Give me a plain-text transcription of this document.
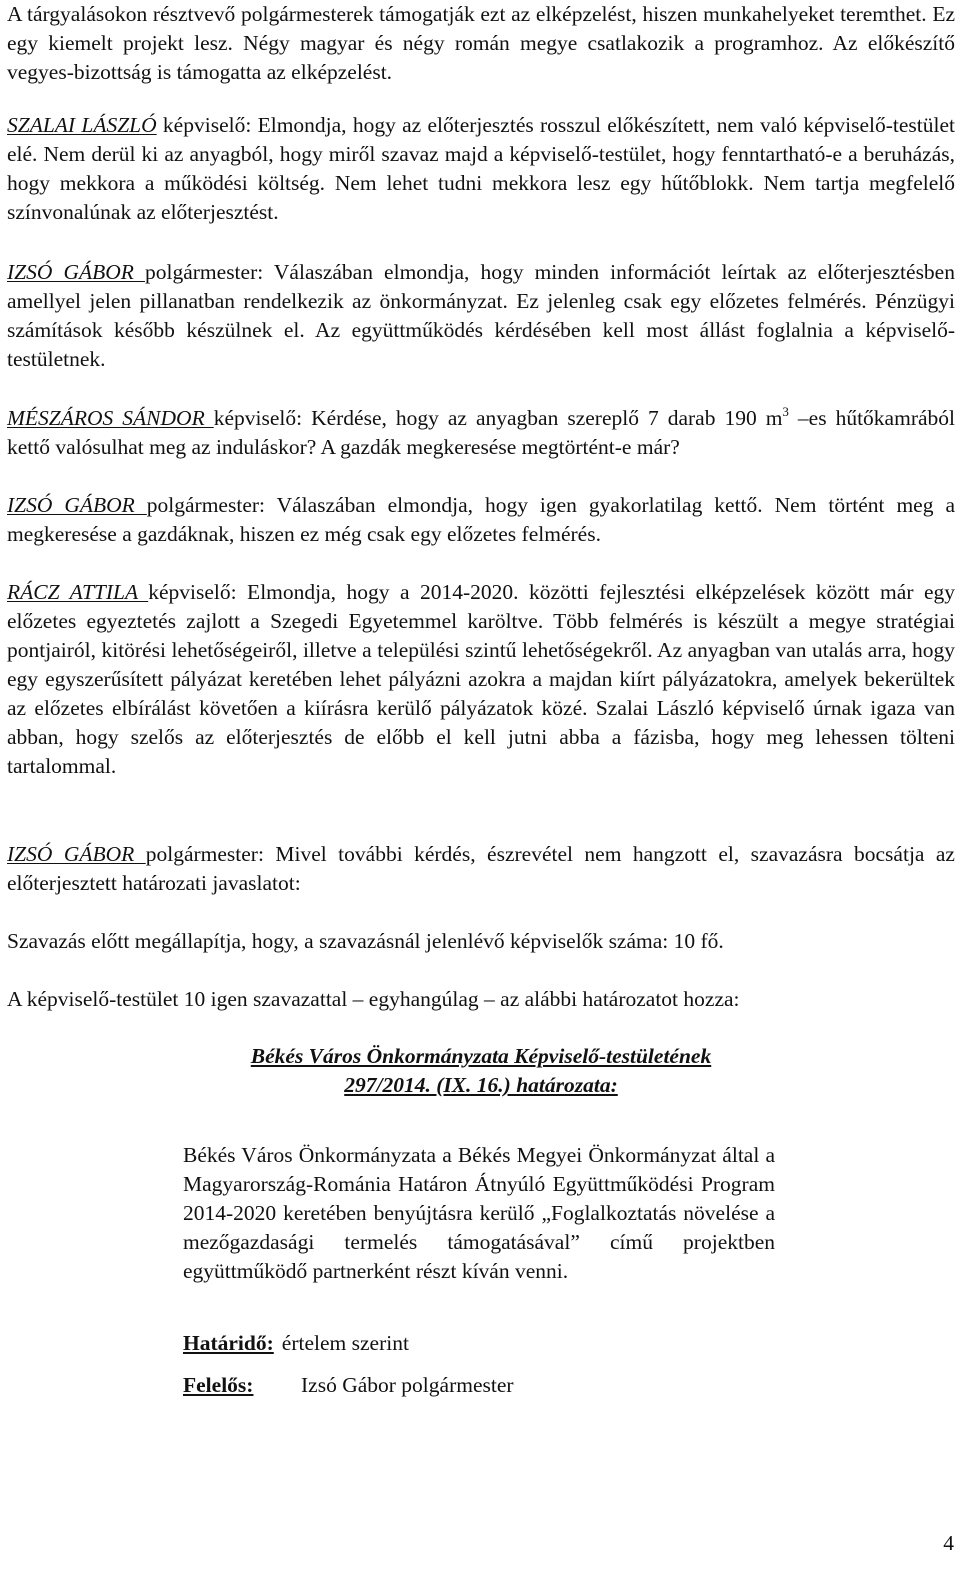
A tárgyalásokon résztvevő polgármesterek támogatják ezt az elképzelést, hiszen munkahelyeket teremthet. Ez egy kiemelt projekt lesz. Négy magyar és négy román megye csatlakozik a programhoz. Az előkészítő vegyes-bizottság is támogatta az elképzelést.

SZALAI LÁSZLÓ képviselő: Elmondja, hogy az előterjesztés rosszul előkészített, nem való képviselő-testület elé. Nem derül ki az anyagból, hogy miről szavaz majd a képviselő-testület, hogy fenntartható-e a beruházás, hogy mekkora a működési költség. Nem lehet tudni mekkora lesz egy hűtőblokk. Nem tartja megfelelő színvonalúnak az előterjesztést.

IZSÓ GÁBOR polgármester: Válaszában elmondja, hogy minden információt leírtak az előterjesztésben amellyel jelen pillanatban rendelkezik az önkormányzat. Ez jelenleg csak egy előzetes felmérés. Pénzügyi számítások később készülnek el. Az együttműködés kérdésében kell most állást foglalnia a képviselő-testületnek.

MÉSZÁROS SÁNDOR képviselő: Kérdése, hogy az anyagban szereplő 7 darab 190 $m^3$ –es hűtőkamrából kettő valósulhat meg az induláskor? A gazdák megkeresése megtörtént-e már?

IZSÓ GÁBOR polgármester: Válaszában elmondja, hogy igen gyakorlatilag kettő. Nem történt meg a megkeresése a gazdáknak, hiszen ez még csak egy előzetes felmérés.

RÁCZ ATTILA képviselő: Elmondja, hogy a 2014-2020. közötti fejlesztési elképzelések között már egy előzetes egyeztetés zajlott a Szegedi Egyetemmel karöltve. Több felmérés is készült a megye stratégiai pontjairól, kitörési lehetőségeiről, illetve a települési szintű lehetőségekről. Az anyagban van utalás arra, hogy egy egyszerűsített pályázat keretében lehet pályázni azokra a majdan kiírt pályázatokra, amelyek bekerültek az előzetes elbírálást követően a kiírásra kerülő pályázatok közé. Szalai László képviselő úrnak igaza van abban, hogy szelős az előterjesztés de előbb el kell jutni abba a fázisba, hogy meg lehessen tölteni tartalommal.

IZSÓ GÁBOR polgármester: Mivel további kérdés, észrevétel nem hangzott el, szavazásra bocsátja az előterjesztett határozati javaslatot:

Szavazás előtt megállapítja, hogy, a szavazásnál jelenlévő képviselők száma: 10 fő.

A képviselő-testület 10 igen szavazattal – egyhangúlag – az alábbi határozatot hozza:

Békés Város Önkormányzata Képviselő-testületének
297/2014. (IX. 16.) határozata:

Békés Város Önkormányzata a Békés Megyei Önkormányzat által a Magyarország-Románia Határon Átnyúló Együttműködési Program 2014-2020 keretében benyújtásra kerülő „Foglalkoztatás növelése a mezőgazdasági termelés támogatásával” című projektben együttműködő partnerként részt kíván venni.

Határidő: értelem szerint
Felelős: Izsó Gábor polgármester
4
